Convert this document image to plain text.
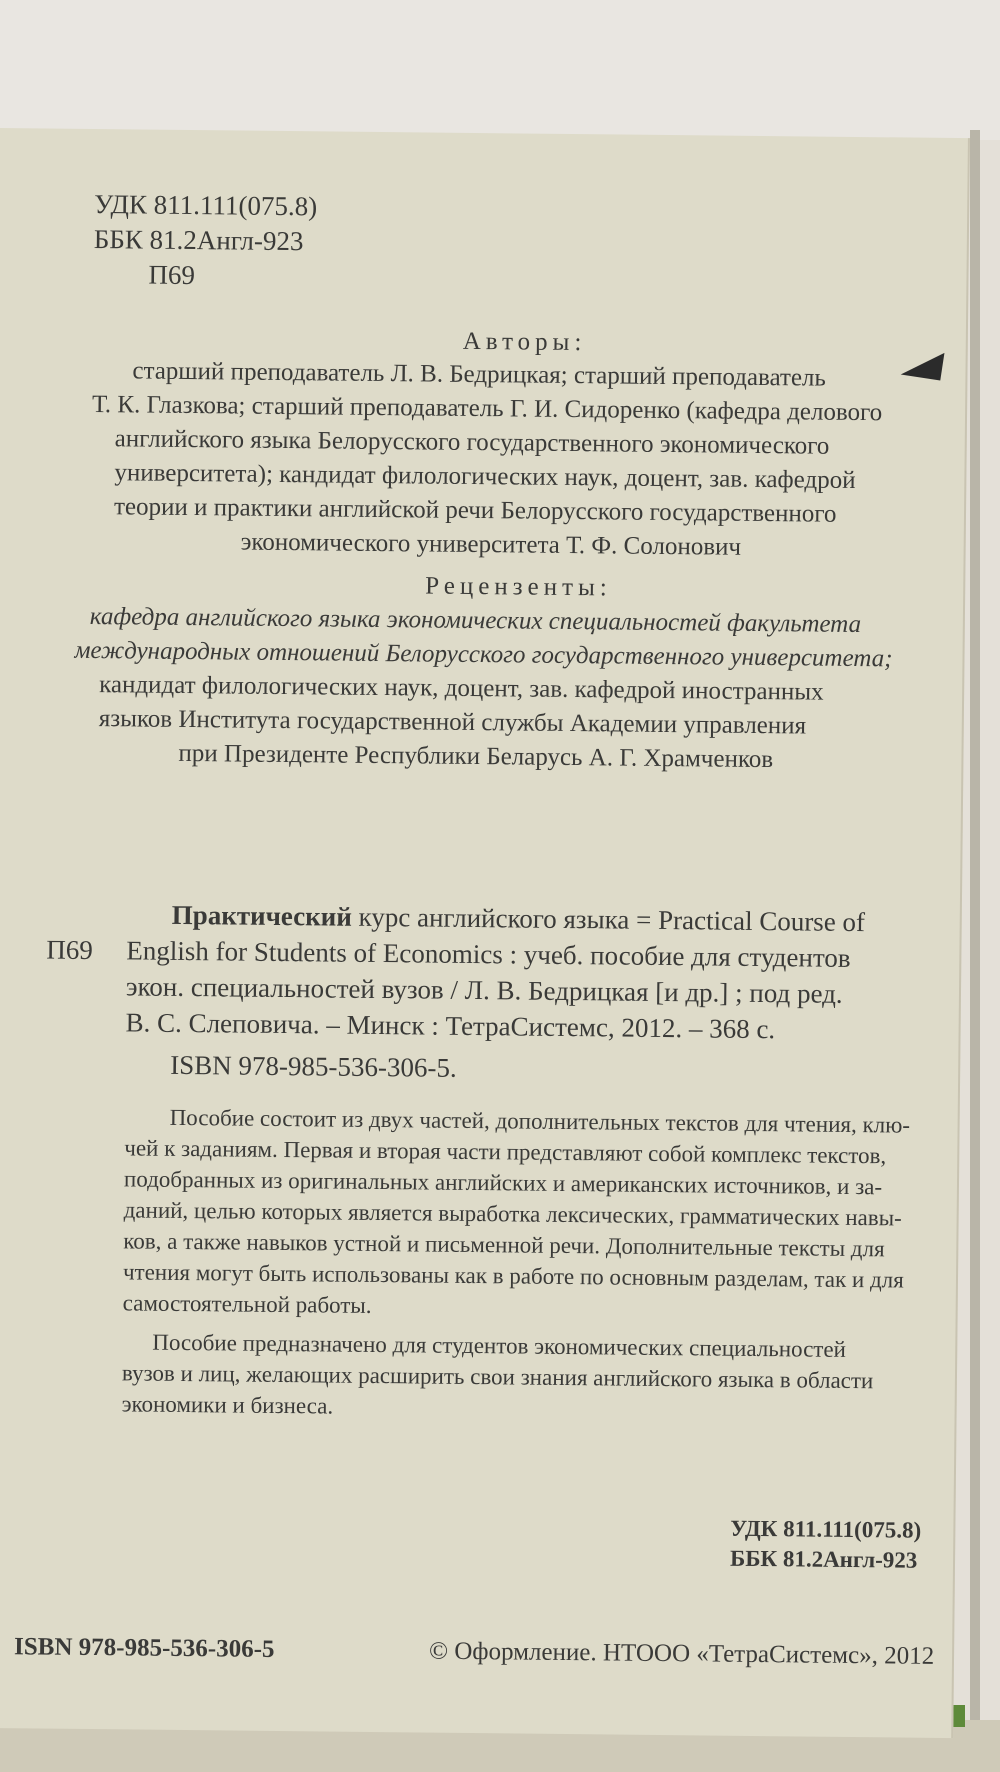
УДК 811.111(075.8)
ББК 81.2Англ-923
П69
Авторы:
старший преподаватель Л. В. Бедрицкая; старший преподаватель
Т. К. Глазкова; старший преподаватель Г. И. Сидоренко (кафедра делового
английского языка Белорусского государственного экономического
университета); кандидат филологических наук, доцент, зав. кафедрой
теории и практики английской речи Белорусского государственного
экономического университета Т. Ф. Солонович
Рецензенты:
кафедра английского языка экономических специальностей факультета
международных отношений Белорусского государственного университета;
кандидат филологических наук, доцент, зав. кафедрой иностранных
языков Института государственной службы Академии управления
при Президенте Республики Беларусь А. Г. Храмченков
Практический курс английского языка = Practical Course of
П69 English for Students of Economics : учеб. пособие для студентов
экон. специальностей вузов / Л. В. Бедрицкая [и др.] ; под ред.
В. С. Слеповича. – Минск : ТетраСистемс, 2012. – 368 с.
ISBN 978-985-536-306-5.
Пособие состоит из двух частей, дополнительных текстов для чтения, клю-
чей к заданиям. Первая и вторая части представляют собой комплекс текстов,
подобранных из оригинальных английских и американских источников, и за-
даний, целью которых является выработка лексических, грамматических навы-
ков, а также навыков устной и письменной речи. Дополнительные тексты для
чтения могут быть использованы как в работе по основным разделам, так и для
самостоятельной работы.
Пособие предназначено для студентов экономических специальностей
вузов и лиц, желающих расширить свои знания английского языка в области
экономики и бизнеса.
УДК 811.111(075.8)
ББК 81.2Англ-923
ISBN 978-985-536-306-5	© Оформление. НТООО «ТетраСистемс», 2012
